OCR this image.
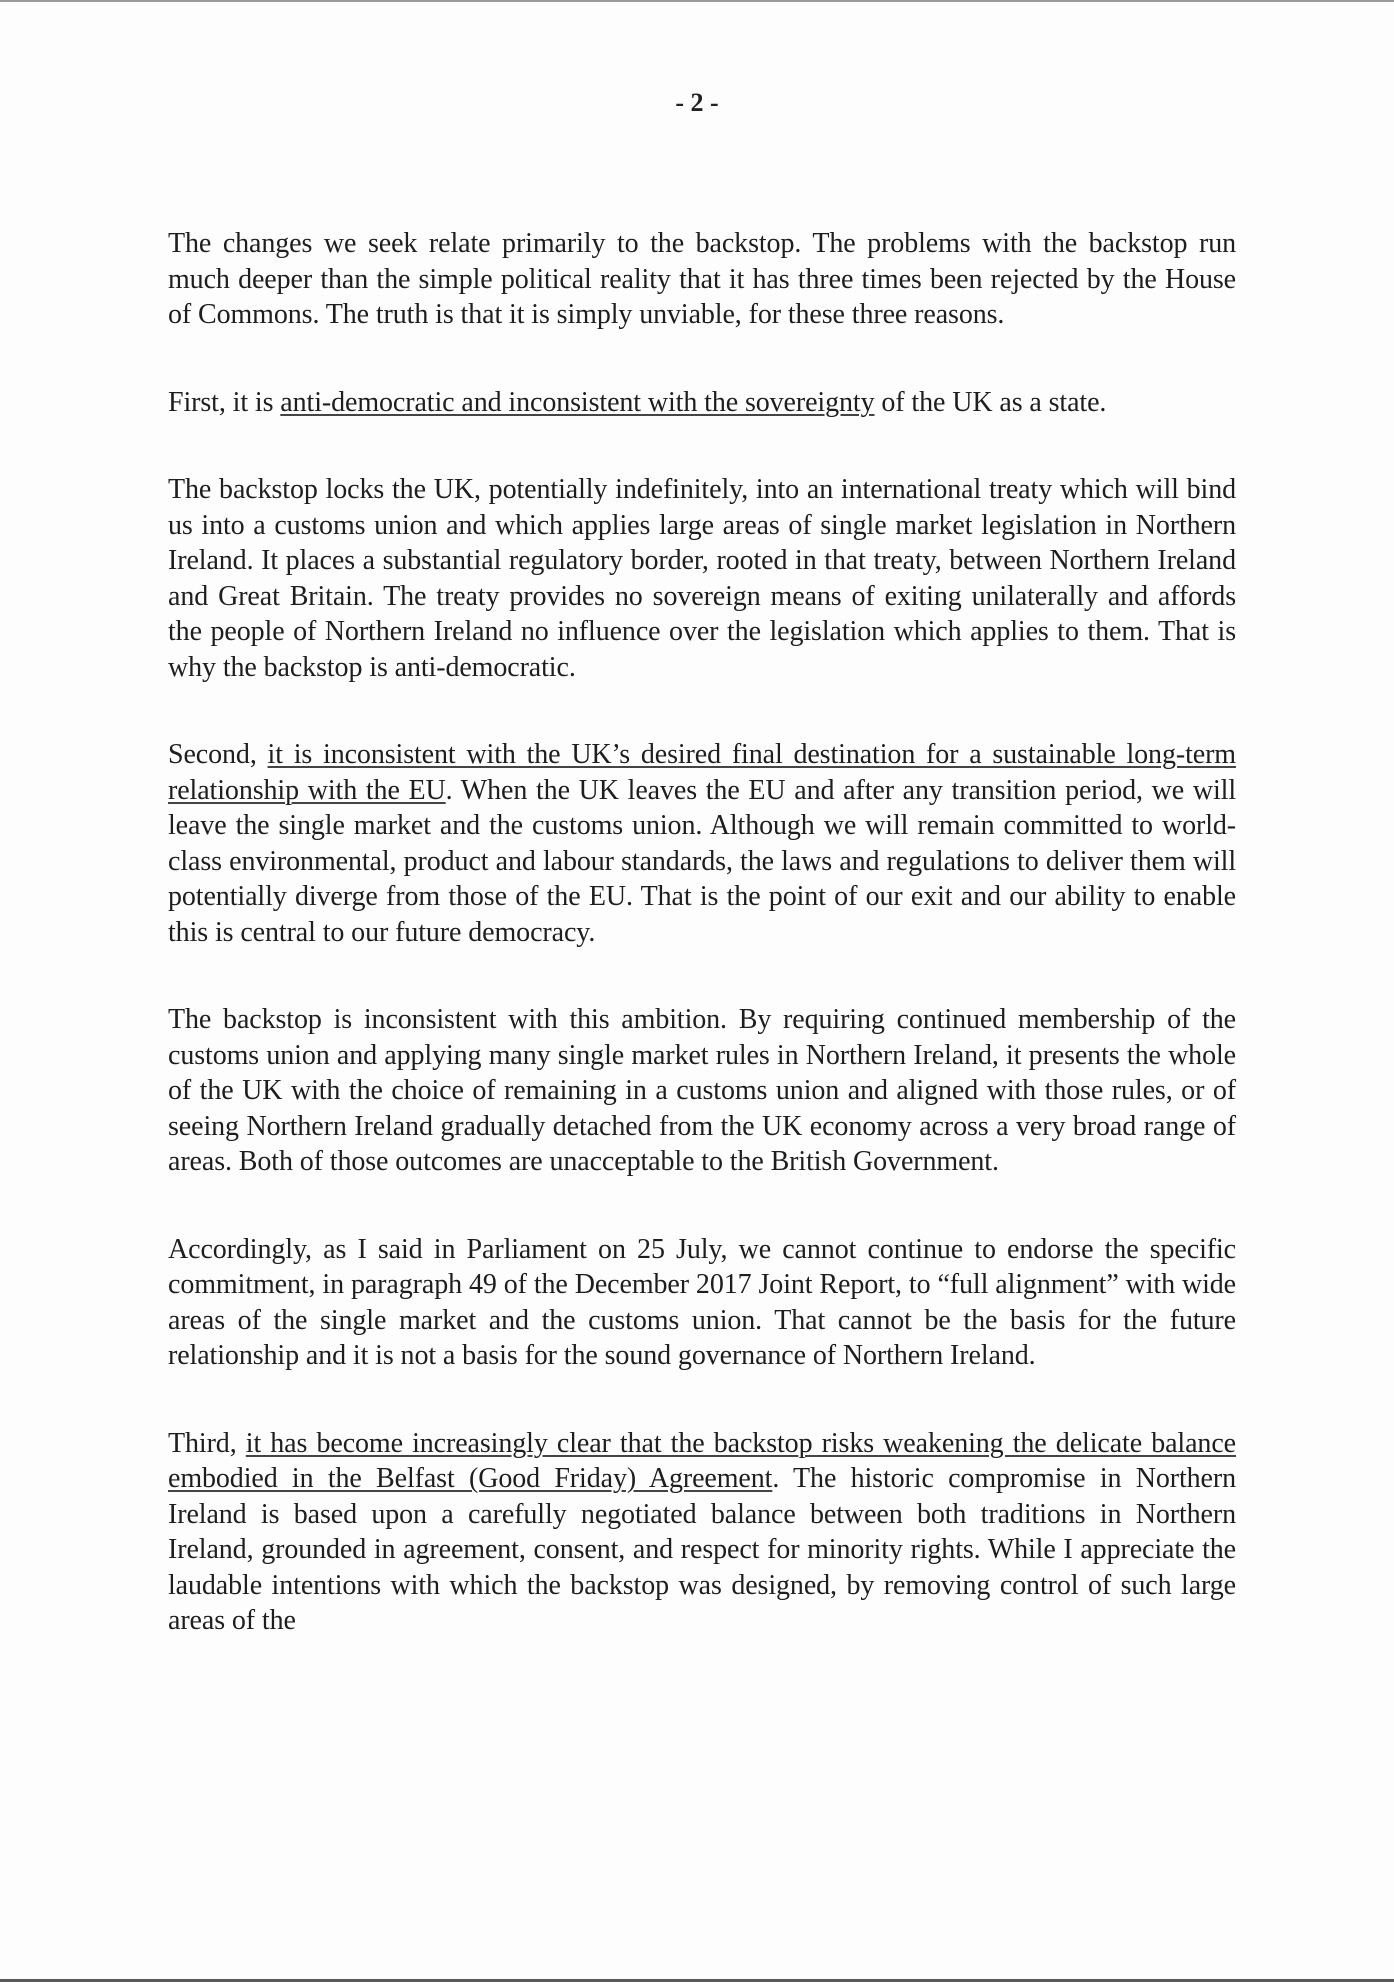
- 2 -

The changes we seek relate primarily to the backstop. The problems with the backstop run much deeper than the simple political reality that it has three times been rejected by the House of Commons. The truth is that it is simply unviable, for these three reasons.

First, it is anti-democratic and inconsistent with the sovereignty of the UK as a state.

The backstop locks the UK, potentially indefinitely, into an international treaty which will bind us into a customs union and which applies large areas of single market legislation in Northern Ireland. It places a substantial regulatory border, rooted in that treaty, between Northern Ireland and Great Britain. The treaty provides no sovereign means of exiting unilaterally and affords the people of Northern Ireland no influence over the legislation which applies to them. That is why the backstop is anti-democratic.

Second, it is inconsistent with the UK’s desired final destination for a sustainable long-term relationship with the EU. When the UK leaves the EU and after any transition period, we will leave the single market and the customs union. Although we will remain committed to world-class environmental, product and labour standards, the laws and regulations to deliver them will potentially diverge from those of the EU. That is the point of our exit and our ability to enable this is central to our future democracy.

The backstop is inconsistent with this ambition. By requiring continued membership of the customs union and applying many single market rules in Northern Ireland, it presents the whole of the UK with the choice of remaining in a customs union and aligned with those rules, or of seeing Northern Ireland gradually detached from the UK economy across a very broad range of areas. Both of those outcomes are unacceptable to the British Government.

Accordingly, as I said in Parliament on 25 July, we cannot continue to endorse the specific commitment, in paragraph 49 of the December 2017 Joint Report, to “full alignment” with wide areas of the single market and the customs union. That cannot be the basis for the future relationship and it is not a basis for the sound governance of Northern Ireland.

Third, it has become increasingly clear that the backstop risks weakening the delicate balance embodied in the Belfast (Good Friday) Agreement. The historic compromise in Northern Ireland is based upon a carefully negotiated balance between both traditions in Northern Ireland, grounded in agreement, consent, and respect for minority rights. While I appreciate the laudable intentions with which the backstop was designed, by removing control of such large areas of the
